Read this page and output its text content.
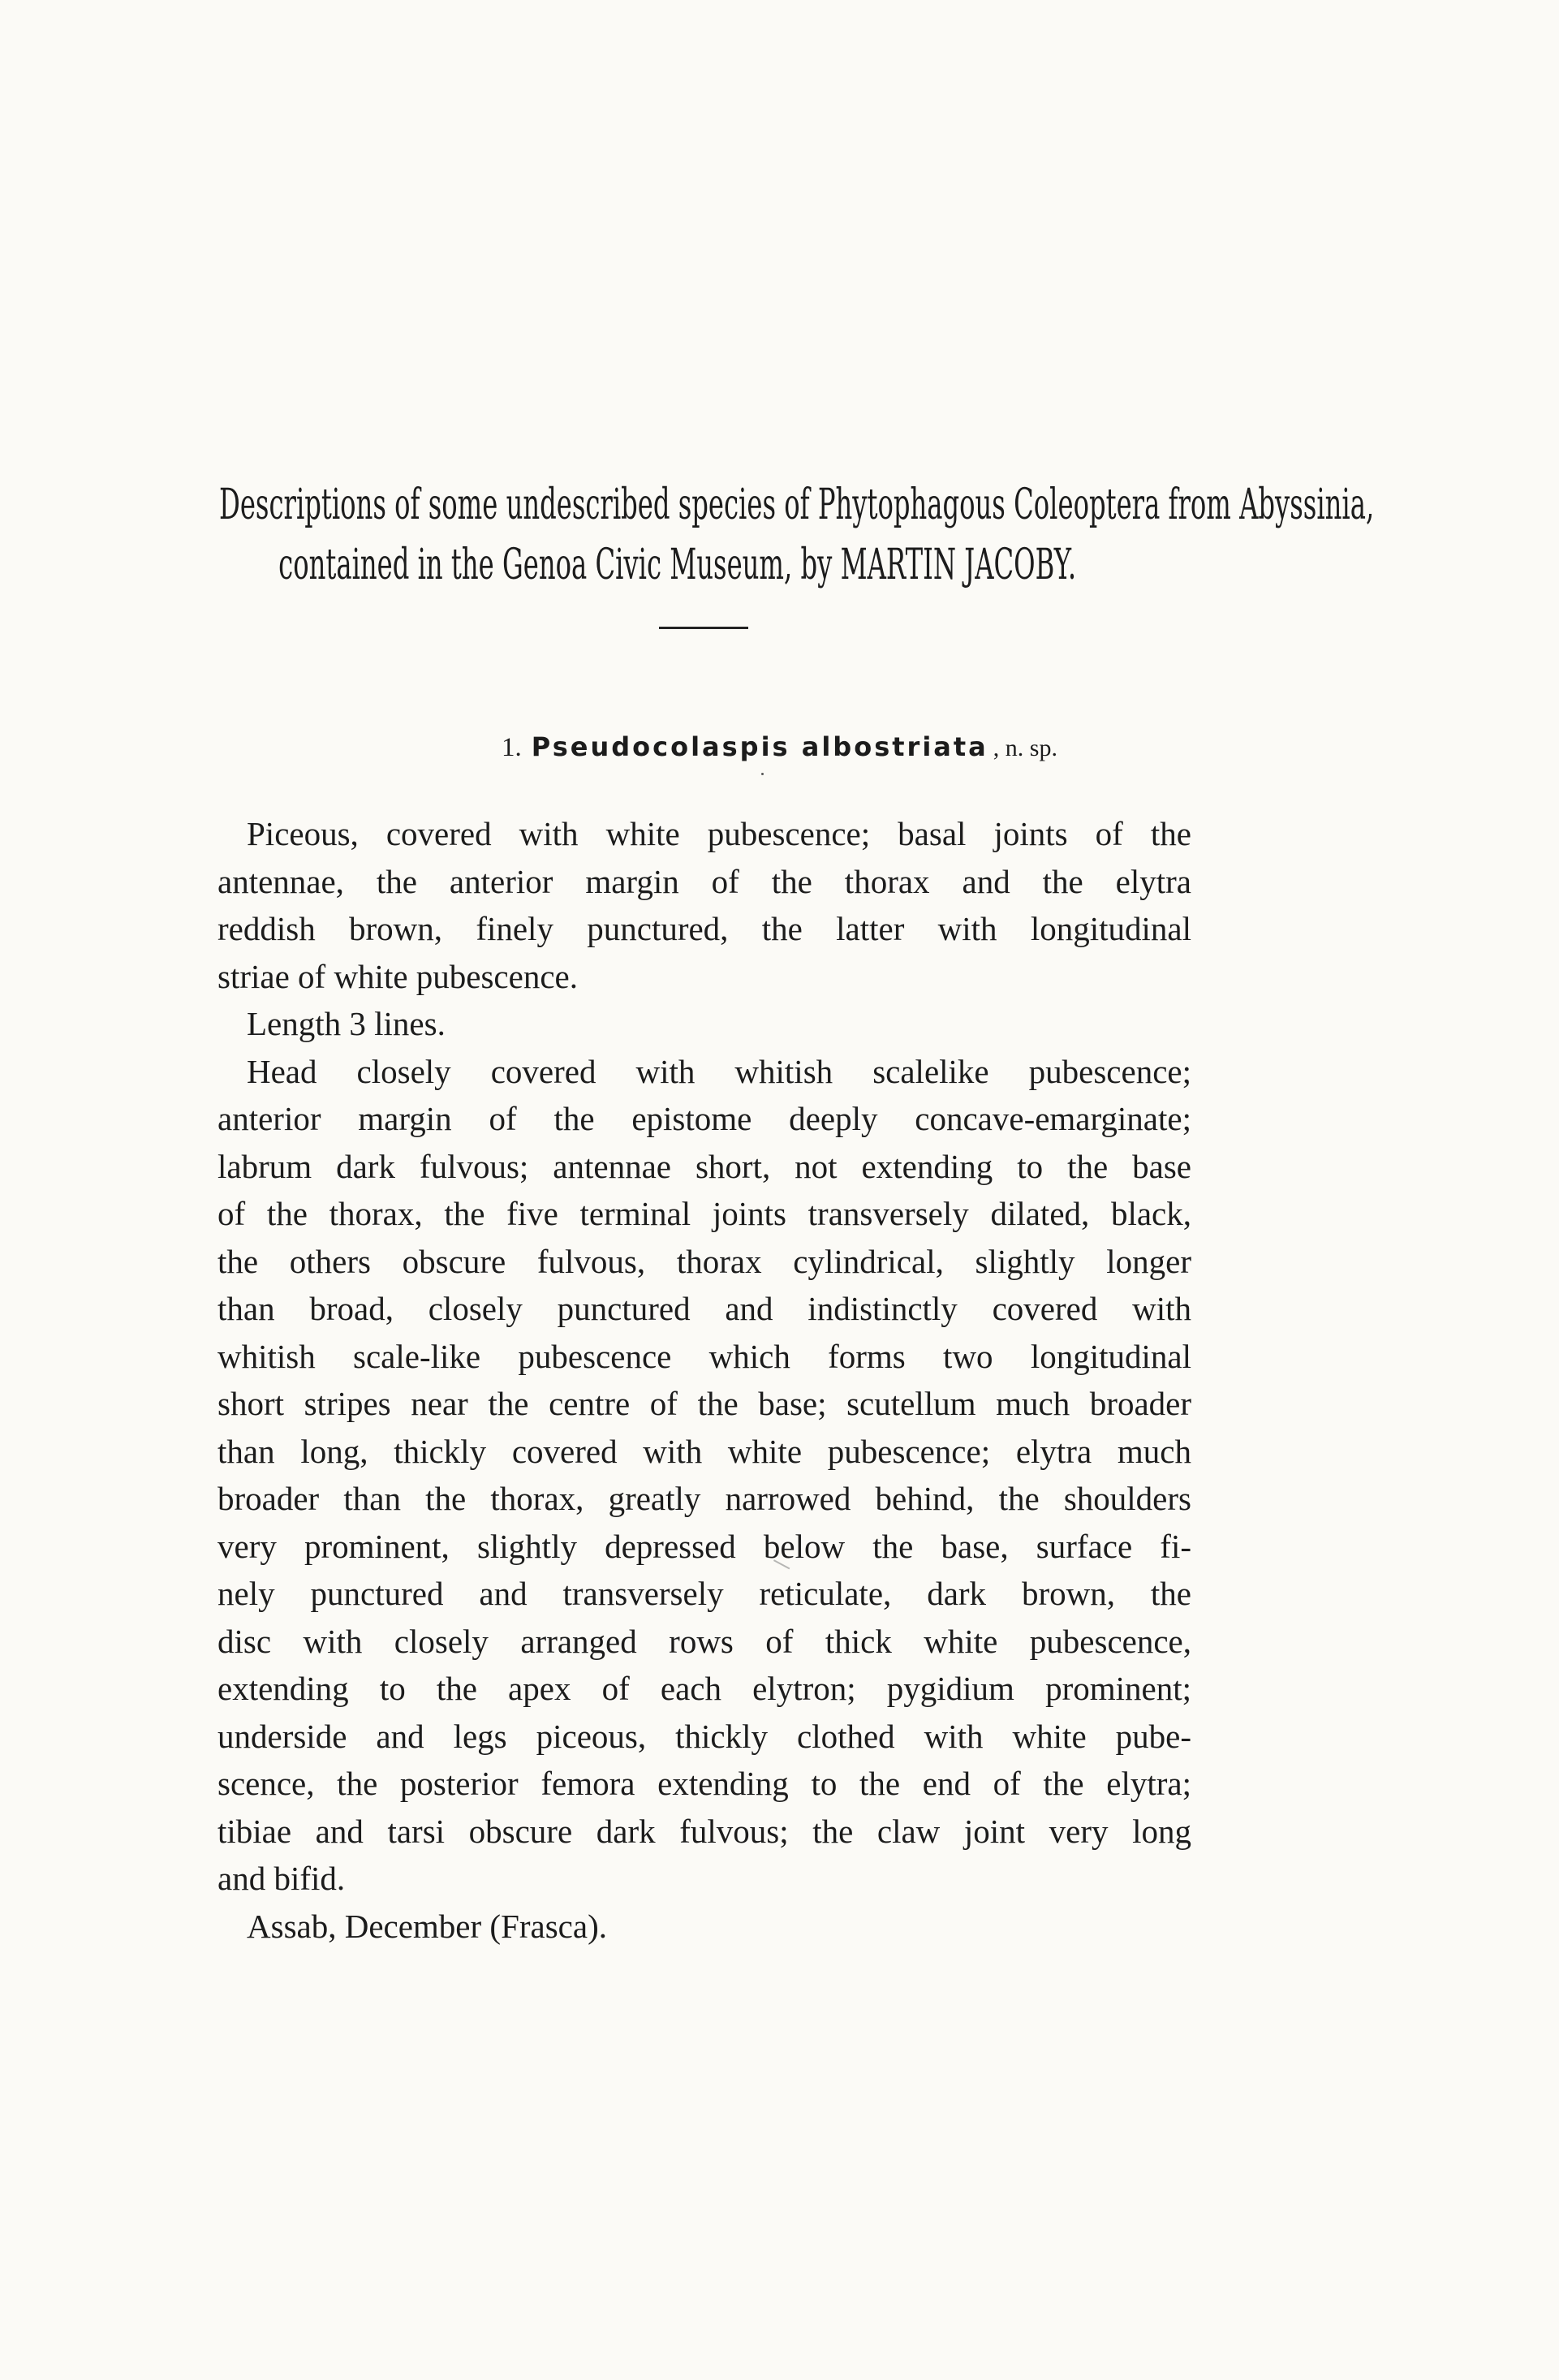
Descriptions of some undescribed species of Phytophagous Coleoptera from Abyssinia,
contained in the Genoa Civic Museum, by MARTIN JACOBY.
1. Pseudocolaspis albostriata , n. sp.
Piceous, covered with white pubescence; basal joints of the
antennae, the anterior margin of the thorax and the elytra
reddish brown, finely punctured, the latter with longitudinal
striae of white pubescence.
Length 3 lines.
Head closely covered with whitish scalelike pubescence;
anterior margin of the epistome deeply concave-emarginate;
labrum dark fulvous; antennae short, not extending to the base
of the thorax, the five terminal joints transversely dilated, black,
the others obscure fulvous, thorax cylindrical, slightly longer
than broad, closely punctured and indistinctly covered with
whitish scale-like pubescence which forms two longitudinal
short stripes near the centre of the base; scutellum much broader
than long, thickly covered with white pubescence; elytra much
broader than the thorax, greatly narrowed behind, the shoulders
very prominent, slightly depressed below the base, surface fi-
nely punctured and transversely reticulate, dark brown, the
disc with closely arranged rows of thick white pubescence,
extending to the apex of each elytron; pygidium prominent;
underside and legs piceous, thickly clothed with white pube-
scence, the posterior femora extending to the end of the elytra;
tibiae and tarsi obscure dark fulvous; the claw joint very long
and bifid.
Assab, December (Frasca).
